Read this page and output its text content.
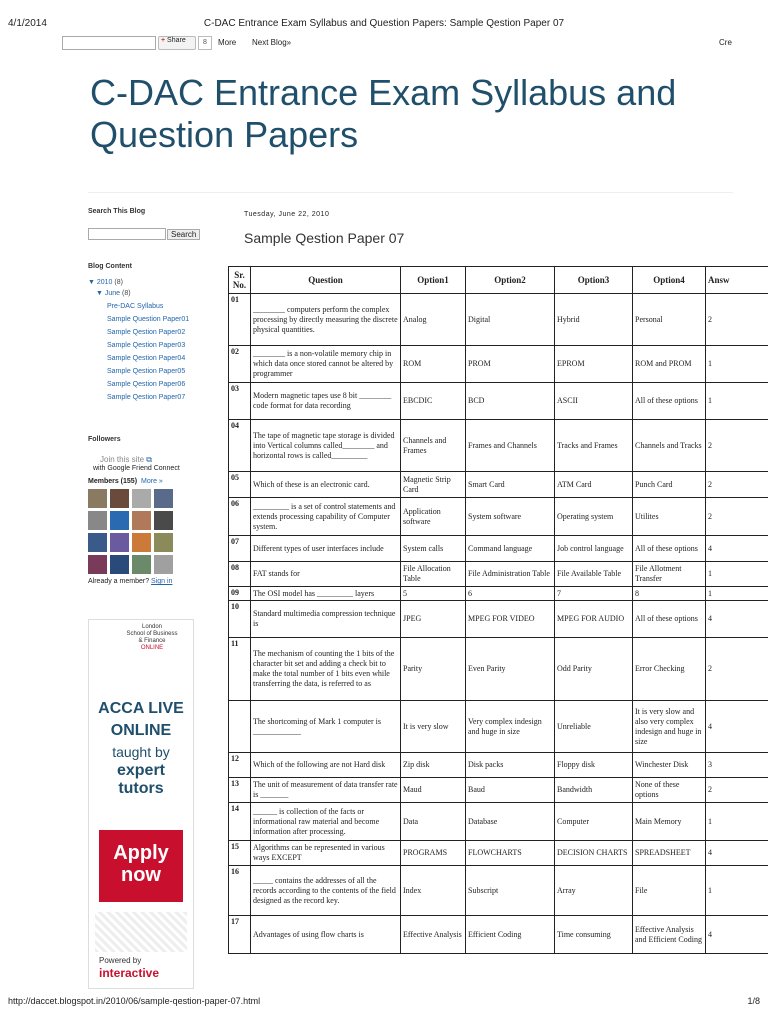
4/1/2014	C-DAC Entrance Exam Syllabus and Question Papers: Sample Qestion Paper 07
+ Share	8	More Next Blog»	Cre
C-DAC Entrance Exam Syllabus and Question Papers
Search This Blog
Search
Blog Content
▼ 2010 (8)
▼ June (8)
Pre-DAC Syllabus
Sample Question Paper01
Sample Qestion Paper02
Sample Qestion Paper03
Sample Qestion Paper04
Sample Qestion Paper05
Sample Qestion Paper06
Sample Qestion Paper07
Followers
Join this site ⧉
with Google Friend Connect
Members (155) More »
Already a member? Sign in
London
School of Business
& Finance
ONLINE
ACCA LIVE
ONLINE
taught by
expert
tutors
Apply
now
Powered by
interactive
Tuesday, June 22, 2010
Sample Qestion Paper 07
Sr. No.	Question	Option1	Option2	Option3	Option4	Answ
01	________ computers perform the complex processing by directly measuring the discrete physical quantities.	Analog	Digital	Hybrid	Personal	2
02	________ is a non-volatile memory chip in which data once stored cannot be altered by programmer	ROM	PROM	EPROM	ROM and PROM	1
03	Modern magnetic tapes use 8 bit ________ code format for data recording	EBCDIC	BCD	ASCII	All of these options	1
04	The tape of magnetic tape storage is divided into Vertical columns called________ and horizontal rows is called_________	Channels and Frames	Frames and Channels	Tracks and Frames	Channels and Tracks	2
05	Which of these is an electronic card.	Magnetic Strip Card	Smart Card	ATM Card	Punch Card	2
06	_________ is a set of control statements and extends processing capability of Computer system.	Application software	System software	Operating system	Utilites	2
07	Different types of user interfaces include	System calls	Command language	Job control language	All of these options	4
08	FAT stands for	File Allocation Table	File Administration Table	File Available Table	File Allotment Transfer	1
09	The OSI model has _________ layers	5	6	7	8	1
10	Standard multimedia compression technique is	JPEG	MPEG FOR VIDEO	MPEG FOR AUDIO	All of these options	4
11	The mechanism of counting the 1 bits of the character bit set and adding a check bit to make the total number of 1 bits even while transferring the data, is referred to as	Parity	Even Parity	Odd Parity	Error Checking	2
	The shortcoming of Mark 1 computer is ____________	It is very slow	Very complex indesign and huge in size	Unreliable	It is very slow and also very complex indesign and huge in size	4
12	Which of the following are not Hard disk	Zip disk	Disk packs	Floppy disk	Winchester Disk	3
13	The unit of measurement of data transfer rate is _______	Maud	Baud	Bandwidth	None of these options	2
14	______ is collection of the facts or informational raw material and become information after processing.	Data	Database	Computer	Main Memory	1
15	Algorithms can be represented in various ways EXCEPT	PROGRAMS	FLOWCHARTS	DECISION CHARTS	SPREADSHEET	4
16	_____ contains the addresses of all the records according to the contents of the field designed as the record key.	Index	Subscript	Array	File	1
17	Advantages of using flow charts is	Effective Analysis	Efficient Coding	Time consuming	Effective Analysis and Efficient Coding	4
http://daccet.blogspot.in/2010/06/sample-qestion-paper-07.html	1/8
